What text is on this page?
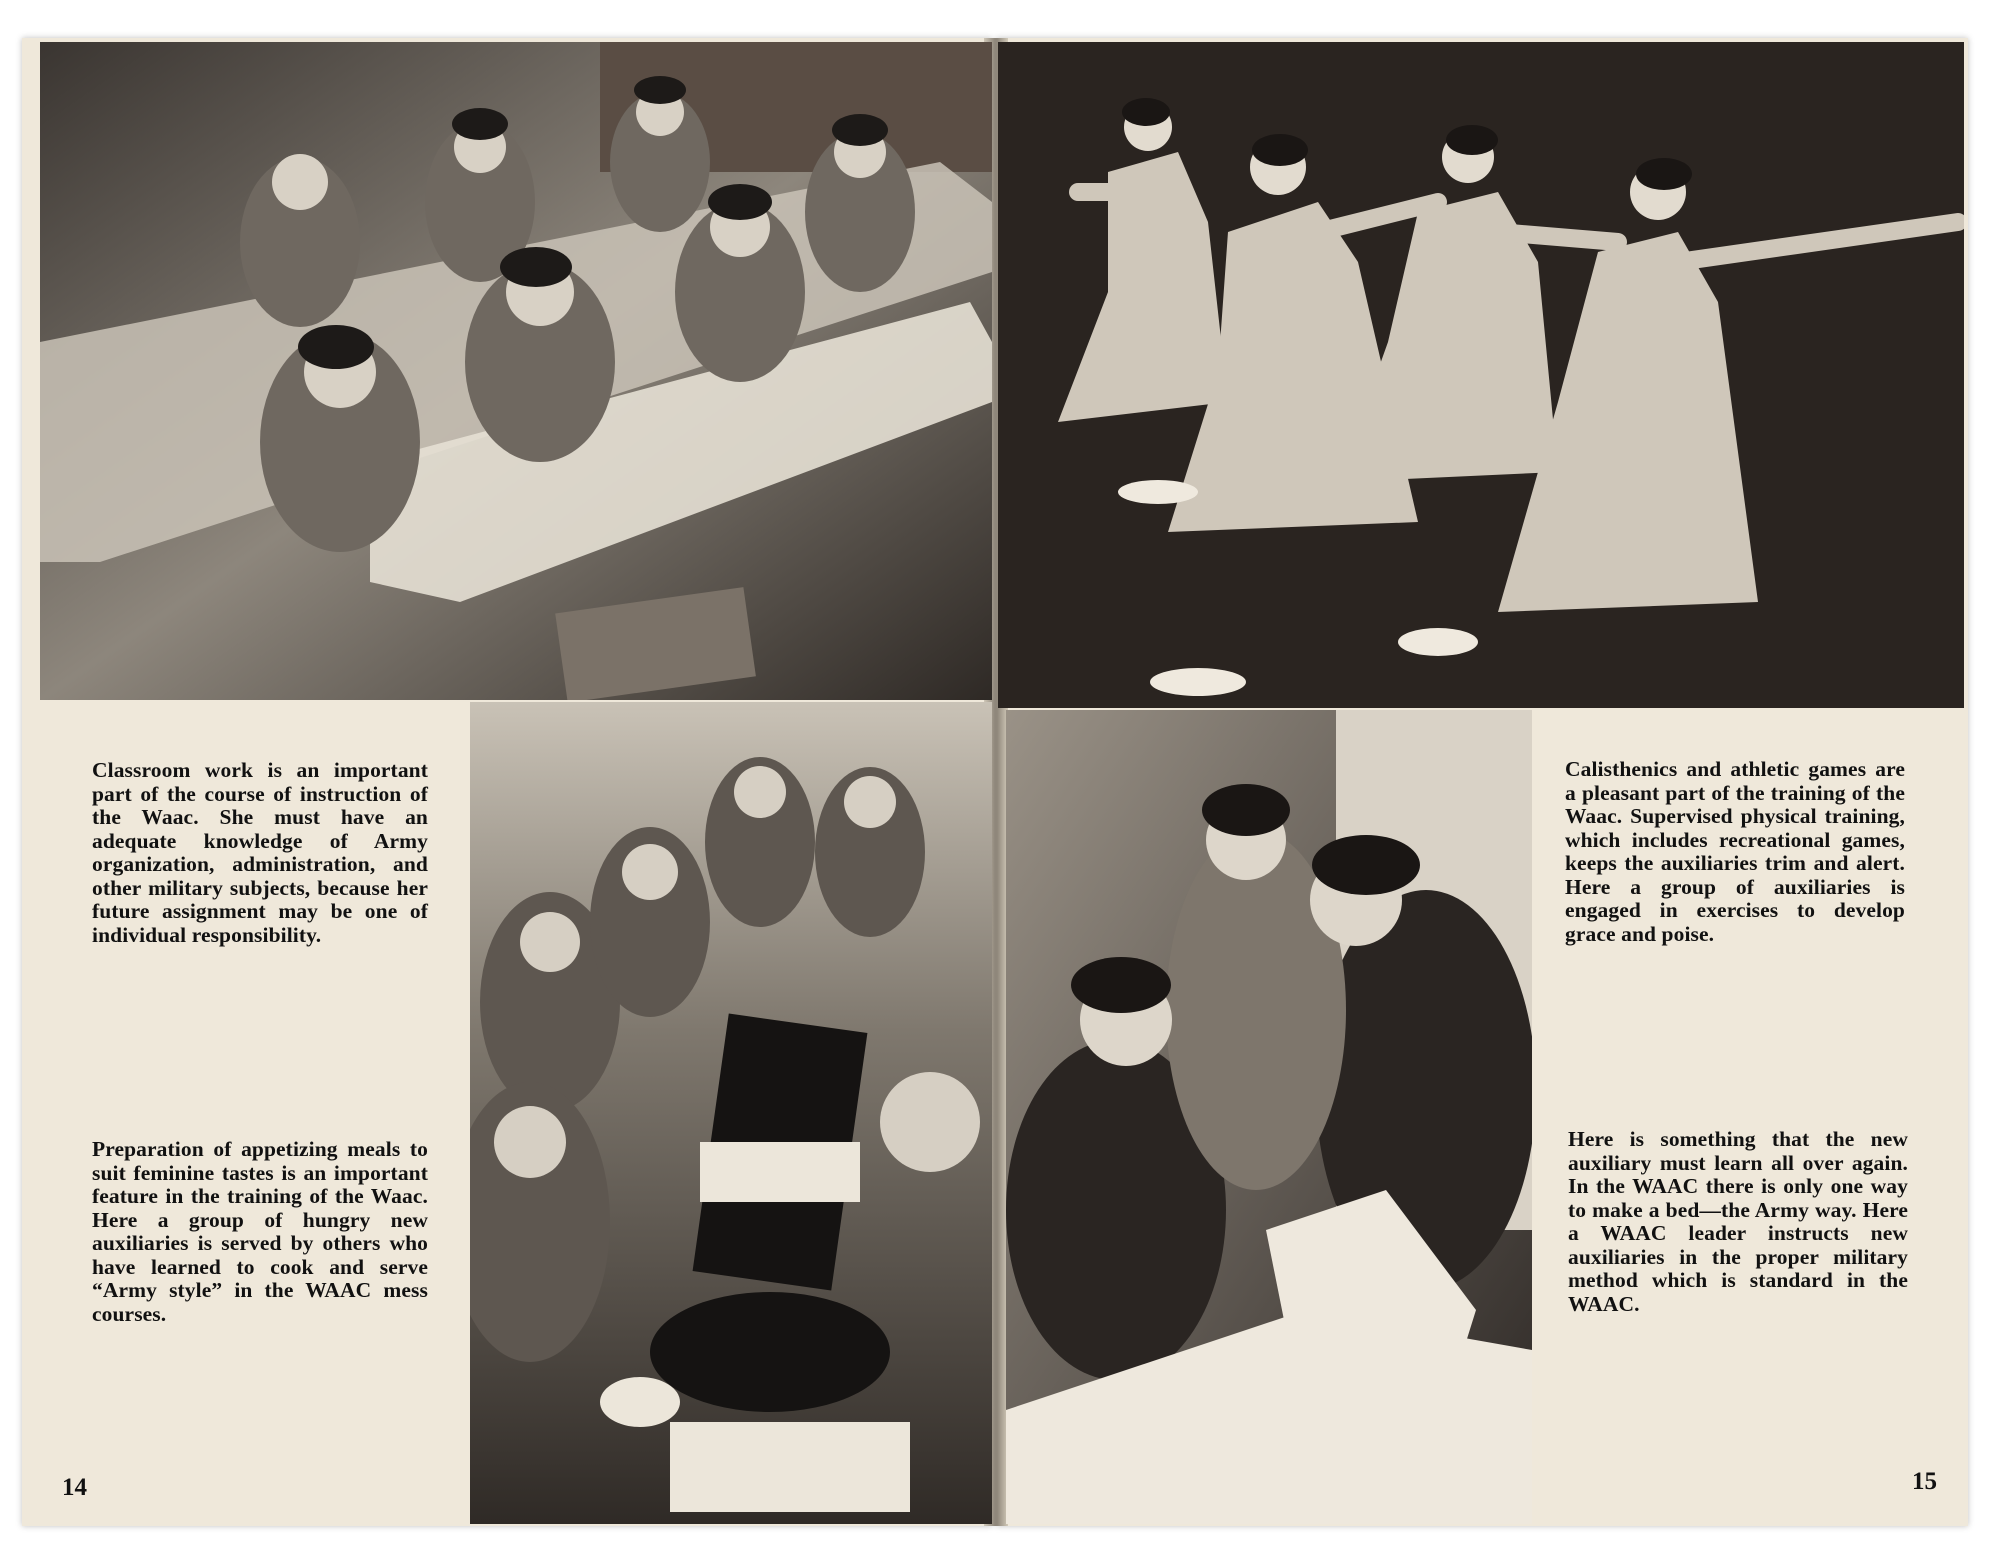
Classroom work is an important part of the course of instruction of the Waac. She must have an adequate knowledge of Army organization, administration, and other military subjects, because her future assignment may be one of individual responsibility.
Preparation of appetizing meals to suit feminine tastes is an important feature in the training of the Waac. Here a group of hungry new auxiliaries is served by others who have learned to cook and serve “Army style” in the WAAC mess courses.
Calisthenics and athletic games are a pleasant part of the training of the Waac. Supervised physical training, which includes recreational games, keeps the auxiliaries trim and alert. Here a group of auxiliaries is engaged in exercises to develop grace and poise.
Here is something that the new auxiliary must learn all over again. In the WAAC there is only one way to make a bed—the Army way. Here a WAAC leader instructs new auxiliaries in the proper military method which is standard in the WAAC.
14	15
